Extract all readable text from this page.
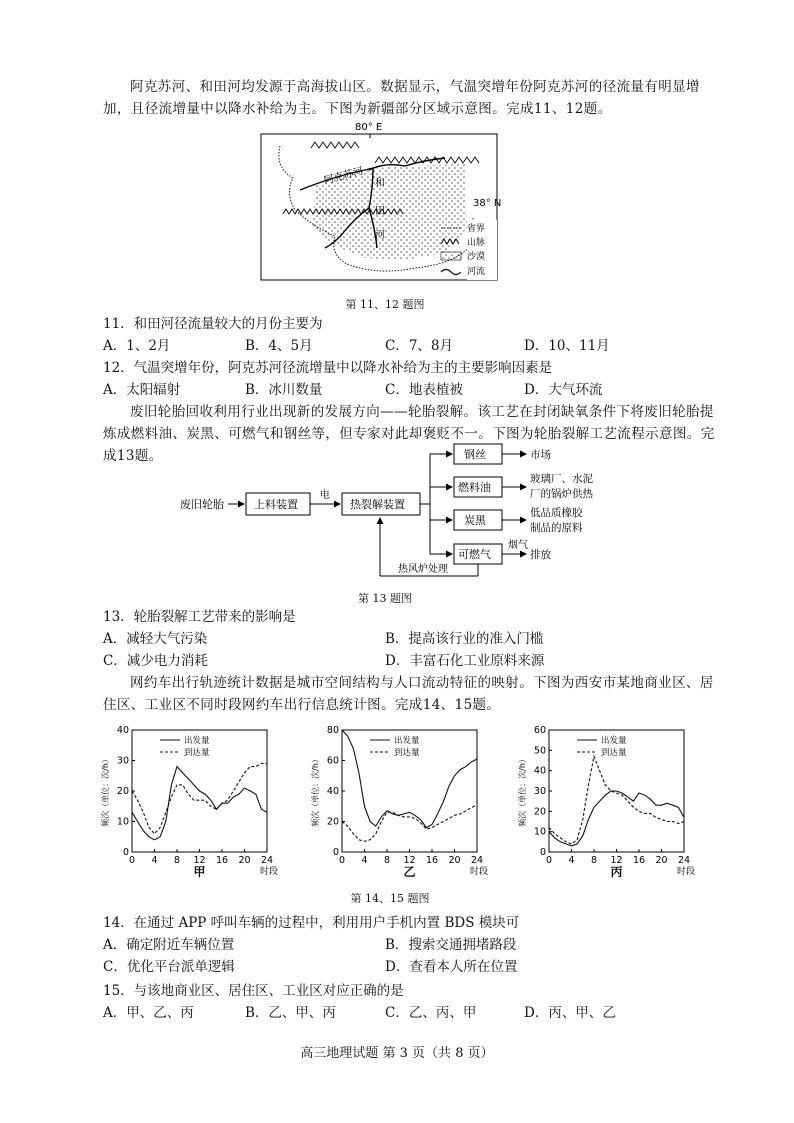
阿克苏河、和田河均发源于高海拔山区。数据显示，气温突增年份阿克苏河的径流量有明显增加，且径流增量中以降水补给为主。下图为新疆部分区域示意图。完成11、12题。
80° E
阿克苏河 和
田
河
38° N
省界
山脉
沙漠
河流
第 11、12 题图
11．和田河径流量较大的月份主要为
A．1、2月	B．4、5月	C．7、8月	D．10、11月
12．气温突增年份，阿克苏河径流增量中以降水补给为主的主要影响因素是
A．太阳辐射	B．冰川数量	C．地表植被	D．大气环流
废旧轮胎回收利用行业出现新的发展方向——轮胎裂解。该工艺在封闭缺氧条件下将废旧轮胎提炼成燃料油、炭黑、可燃气和钢丝等，但专家对此却褒贬不一。下图为轮胎裂解工艺流程示意图。完成13题。
废旧轮胎	上料装置
电
热裂解装置
钢丝
燃料油
炭黑
可燃气
市场
玻璃厂、水泥
厂的锅炉供热
低品质橡胶
制品的原料
排放
烟气
热风炉处理
第 13 题图
13．轮胎裂解工艺带来的影响是
A．减轻大气污染	B．提高该行业的准入门槛
C．减少电力消耗	D．丰富石化工业原料来源
网约车出行轨迹统计数据是城市空间结构与人口流动特征的映射。下图为西安市某地商业区、居住区、工业区不同时段网约车出行信息统计图。完成14、15题。
0 4 8 12 16 20 24
0
10
20
30
40
频次（单位：次/h）
时段
甲
出发量
到达量
0 4 8 12 16 20 24
0
20
40
60
80
频次（单位：次/h）
时段
乙
出发量
到达量
0 4 8 12 16 20 24
0
10
20
30
40
50
60
频次（单位：次/h）
时段
丙
出发量
到达量
第 14、15 题图
14．在通过 APP 呼叫车辆的过程中，利用用户手机内置 BDS 模块可
A．确定附近车辆位置	B．搜索交通拥堵路段
C．优化平台派单逻辑	D．查看本人所在位置
15．与该地商业区、居住区、工业区对应正确的是
A．甲、乙、丙	B．乙、甲、丙	C．乙、丙、甲	D．丙、甲、乙
高三地理试题 第 3 页（共 8 页）
